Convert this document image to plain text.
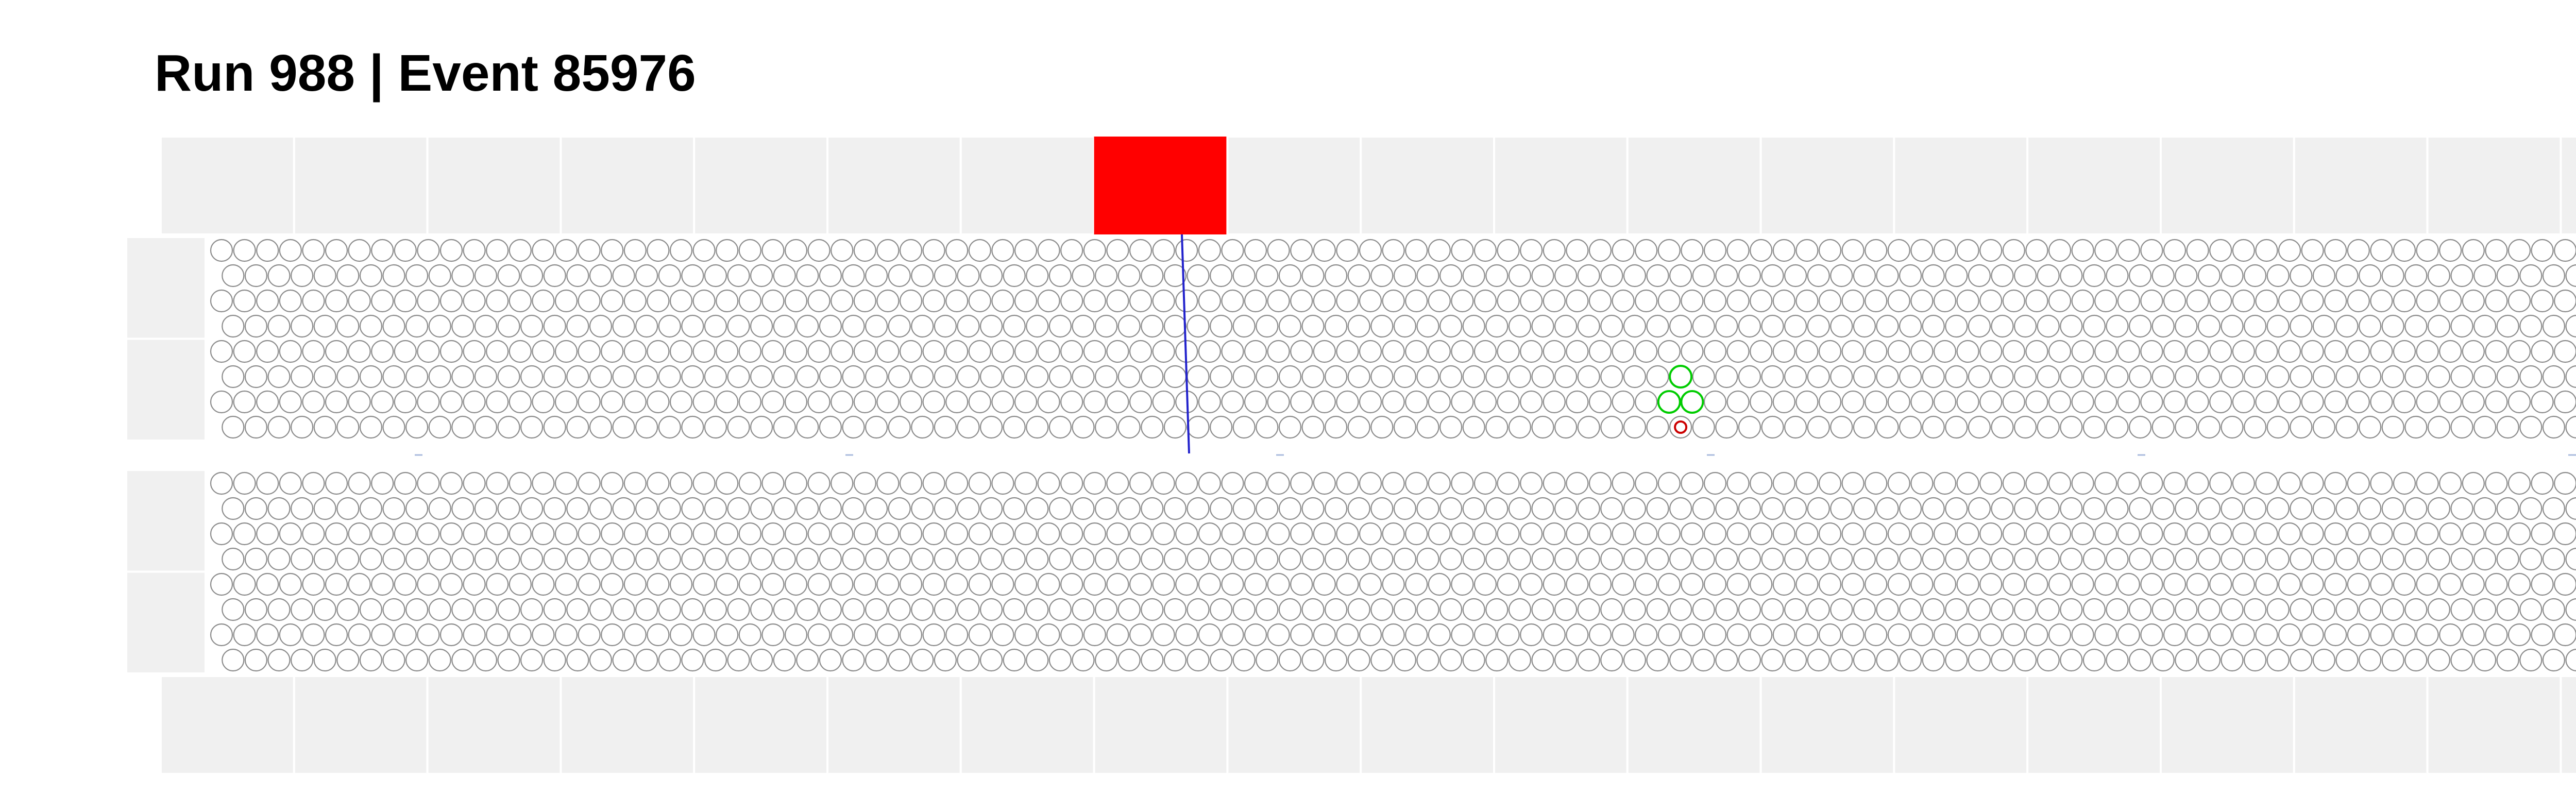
Run 988 | Event 85976
